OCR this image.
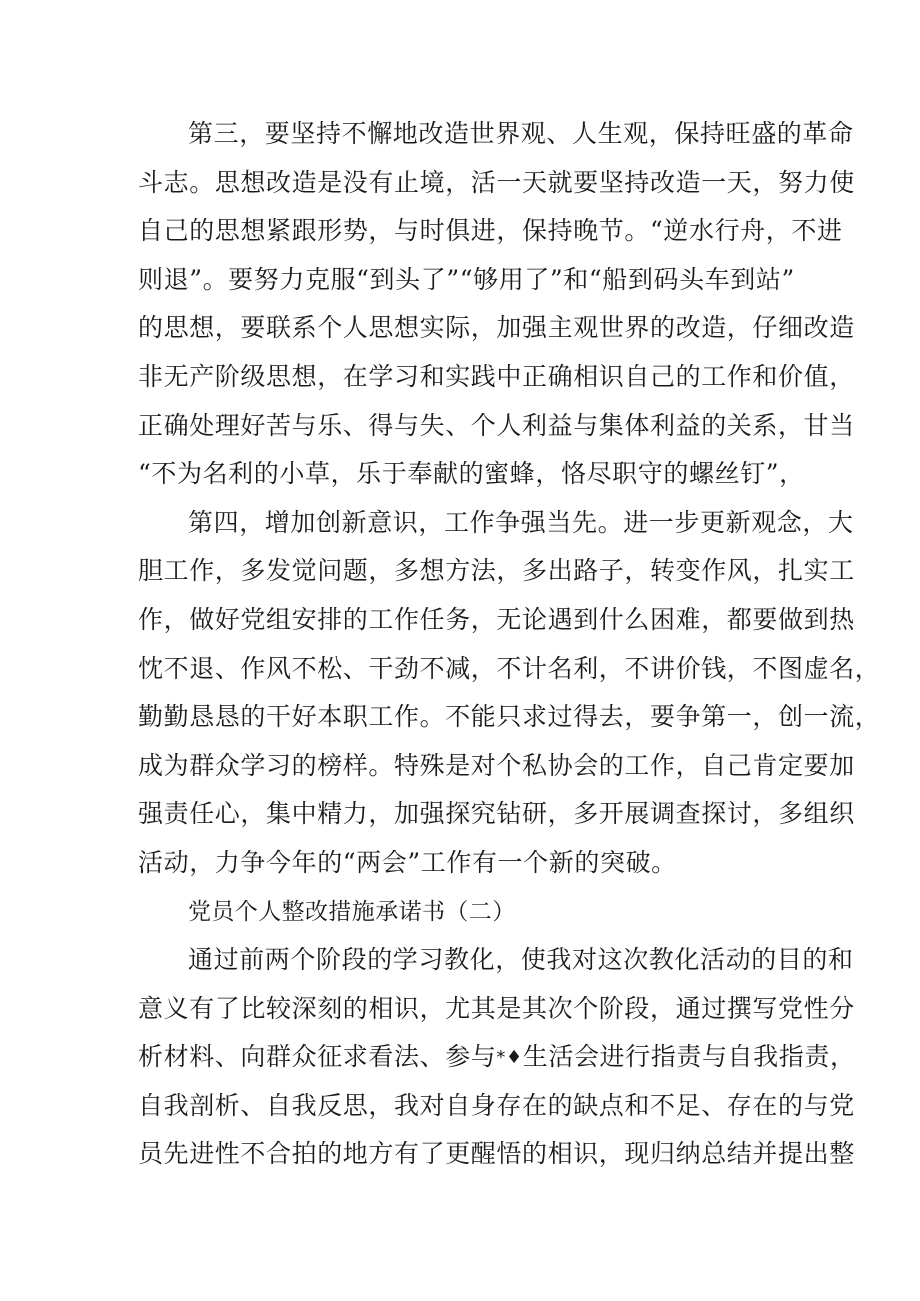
第三，要坚持不懈地改造世界观、人生观，保持旺盛的革命
斗志。思想改造是没有止境，活一天就要坚持改造一天，努力使
自己的思想紧跟形势，与时俱进，保持晚节。“逆水行舟，不进
则退”。要努力克服“到头了”“够用了”和“船到码头车到站”
的思想，要联系个人思想实际，加强主观世界的改造，仔细改造
非无产阶级思想，在学习和实践中正确相识自己的工作和价值，
正确处理好苦与乐、得与失、个人利益与集体利益的关系，甘当
“不为名利的小草，乐于奉献的蜜蜂，恪尽职守的螺丝钉”，
第四，增加创新意识，工作争强当先。进一步更新观念，大
胆工作，多发觉问题，多想方法，多出路子，转变作风，扎实工
作，做好党组安排的工作任务，无论遇到什么困难，都要做到热
忱不退、作风不松、干劲不减，不计名利，不讲价钱，不图虚名，
勤勤恳恳的干好本职工作。不能只求过得去，要争第一，创一流，
成为群众学习的榜样。特殊是对个私协会的工作，自己肯定要加
强责任心，集中精力，加强探究钻研，多开展调查探讨，多组织
活动，力争今年的“两会”工作有一个新的突破。
党员个人整改措施承诺书（二）
通过前两个阶段的学习教化，使我对这次教化活动的目的和
意义有了比较深刻的相识，尤其是其次个阶段，通过撰写党性分
析材料、向群众征求看法、参与*♦生活会进行指责与自我指责，
自我剖析、自我反思，我对自身存在的缺点和不足、存在的与党
员先进性不合拍的地方有了更醒悟的相识，现归纳总结并提出整
